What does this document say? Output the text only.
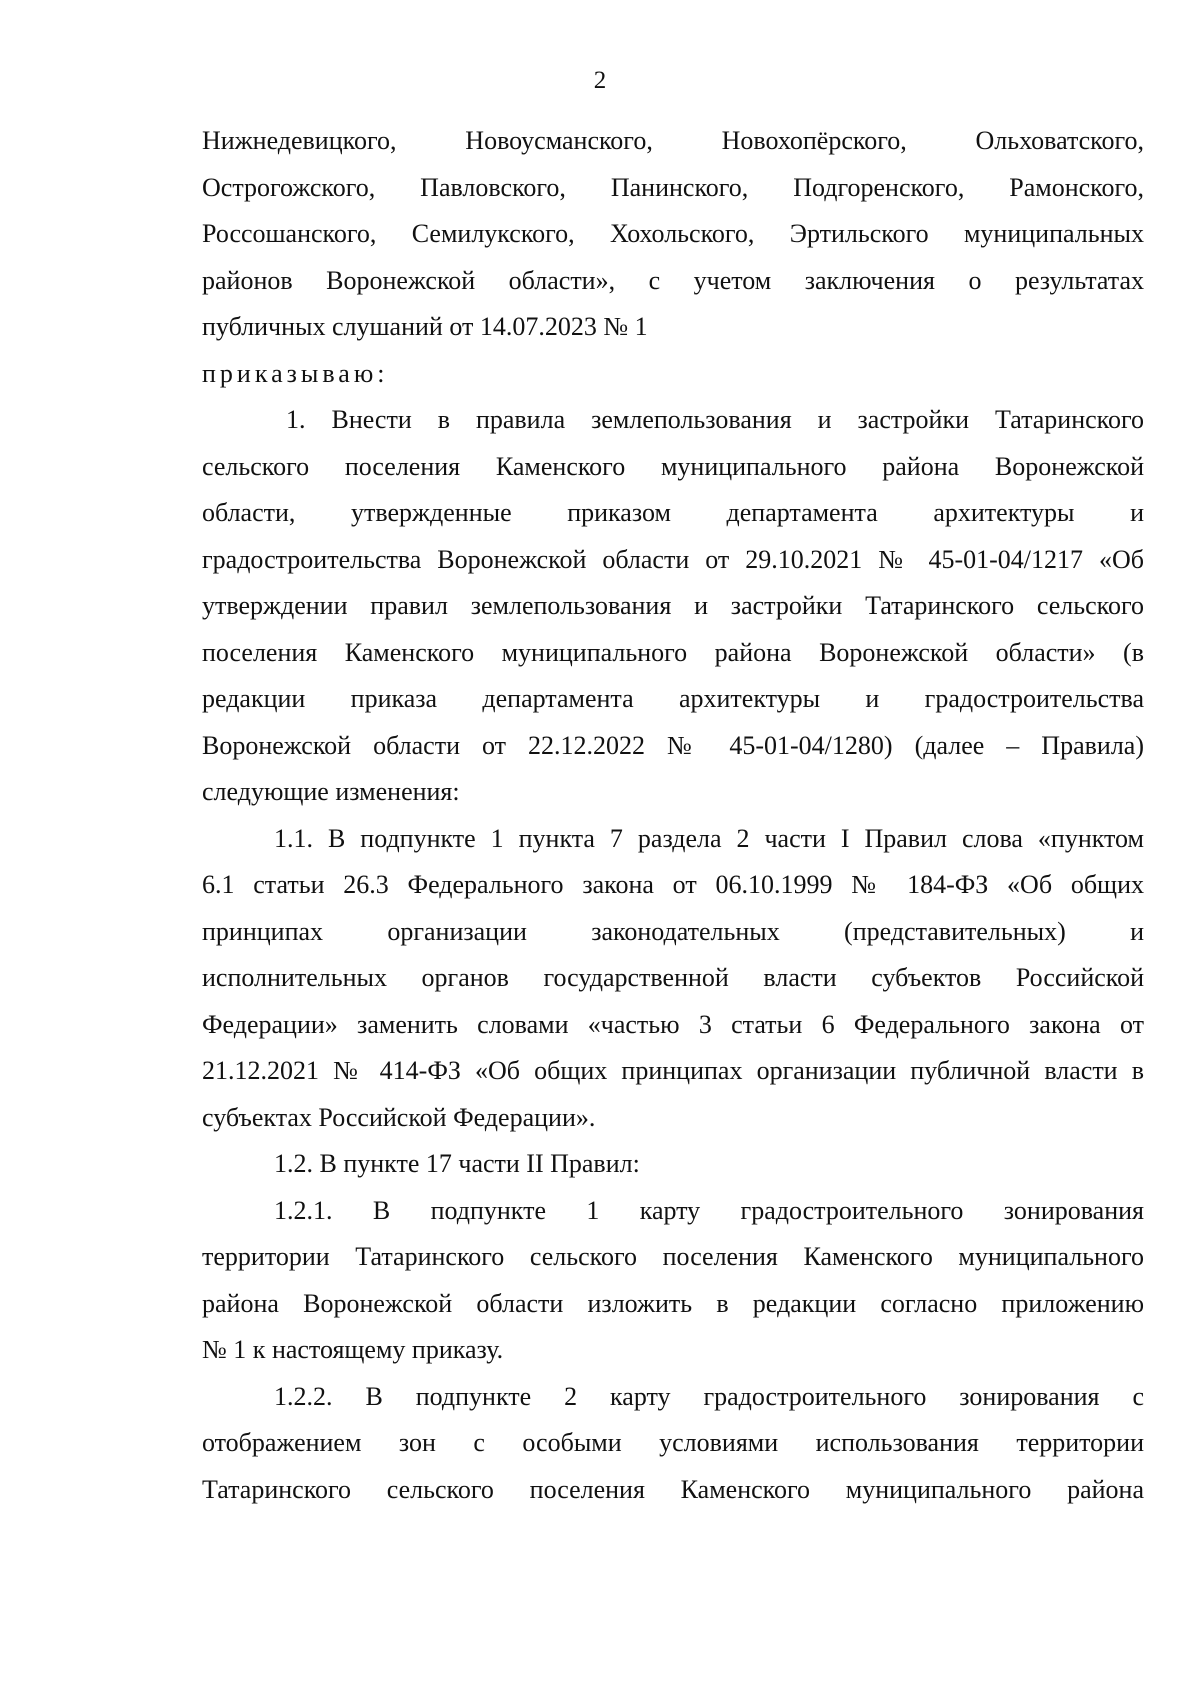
2
Нижнедевицкого, Новоусманского, Новохопёрского, Ольховатского,
Острогожского, Павловского, Панинского, Подгоренского, Рамонского,
Россошанского, Семилукского, Хохольского, Эртильского муниципальных
районов Воронежской области», с учетом заключения о результатах
публичных слушаний от 14.07.2023 № 1
приказываю:
1. Внести в правила землепользования и застройки Татаринского
сельского поселения Каменского муниципального района Воронежской
области, утвержденные приказом департамента архитектуры и
градостроительства Воронежской области от 29.10.2021 № 45-01-04/1217 «Об
утверждении правил землепользования и застройки Татаринского сельского
поселения Каменского муниципального района Воронежской области» (в
редакции приказа департамента архитектуры и градостроительства
Воронежской области от 22.12.2022 № 45-01-04/1280) (далее – Правила)
следующие изменения:
1.1. В подпункте 1 пункта 7 раздела 2 части I Правил слова «пунктом
6.1 статьи 26.3 Федерального закона от 06.10.1999 № 184-ФЗ «Об общих
принципах организации законодательных (представительных) и
исполнительных органов государственной власти субъектов Российской
Федерации» заменить словами «частью 3 статьи 6 Федерального закона от
21.12.2021 № 414-ФЗ «Об общих принципах организации публичной власти в
субъектах Российской Федерации».
1.2. В пункте 17 части II Правил:
1.2.1. В подпункте 1 карту градостроительного зонирования
территории Татаринского сельского поселения Каменского муниципального
района Воронежской области изложить в редакции согласно приложению
№ 1 к настоящему приказу.
1.2.2. В подпункте 2 карту градостроительного зонирования с
отображением зон с особыми условиями использования территории
Татаринского сельского поселения Каменского муниципального района
